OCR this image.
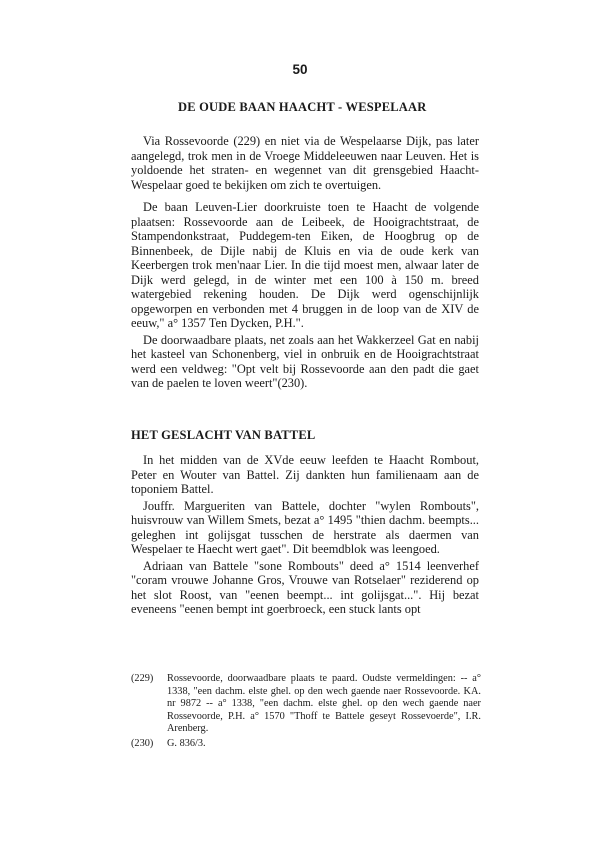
50
DE OUDE BAAN HAACHT - WESPELAAR

Via Rossevoorde (229) en niet via de Wespelaarse Dijk, pas later aangelegd, trok men in de Vroege Middeleeuwen naar Leuven. Het is yoldoende het straten- en wegennet van dit grensgebied Haacht-Wespelaar goed te bekijken om zich te overtuigen.

De baan Leuven-Lier doorkruiste toen te Haacht de volgende plaatsen: Rossevoorde aan de Leibeek, de Hooigrachtstraat, de Stampendonkstraat, Puddegem-ten Eiken, de Hoogbrug op de Binnenbeek, de Dijle nabij de Kluis en via de oude kerk van Keerbergen trok men'naar Lier. In die tijd moest men, alwaar later de Dijk werd gelegd, in de winter met een 100 à 150 m. breed watergebied rekening houden. De Dijk werd ogenschijnlijk opgeworpen en verbonden met 4 bruggen in de loop van de XIV de eeuw," a° 1357 Ten Dycken, P.H.".

De doorwaadbare plaats, net zoals aan het Wakkerzeel Gat en nabij het kasteel van Schonenberg, viel in onbruik en de Hooigrachtstraat werd een veldweg: "Opt velt bij Rossevoorde aan den padt die gaet van de paelen te loven weert"(230).

HET GESLACHT VAN BATTEL

In het midden van de XVde eeuw leefden te Haacht Rombout, Peter en Wouter van Battel. Zij dankten hun familienaam aan de toponiem Battel.

Jouffr. Margueriten van Battele, dochter "wylen Rombouts", huisvrouw van Willem Smets, bezat a° 1495 "thien dachm. beempts... geleghen int golijsgat tusschen de herstrate als daermen van Wespelaer te Haecht wert gaet". Dit beemdblok was leengoed.

Adriaan van Battele "sone Rombouts" deed a° 1514 leenverhef "coram vrouwe Johanne Gros, Vrouwe van Rotselaer" reziderend op het slot Roost, van "eenen beempt... int golijsgat...". Hij bezat eveneens "eenen bempt int goerbroeck, een stuck lants opt

(229)	Rossevoorde, doorwaadbare plaats te paard. Oudste vermeldingen: -- a° 1338, "een dachm. elste ghel. op den wech gaende naer Rossevoorde. KA. nr 9872 -- a° 1338, "een dachm. elste ghel. op den wech gaende naer Rossevoorde, P.H. a° 1570 "Thoff te Battele geseyt Rossevoerde", I.R. Arenberg.
(230)	G. 836/3.
